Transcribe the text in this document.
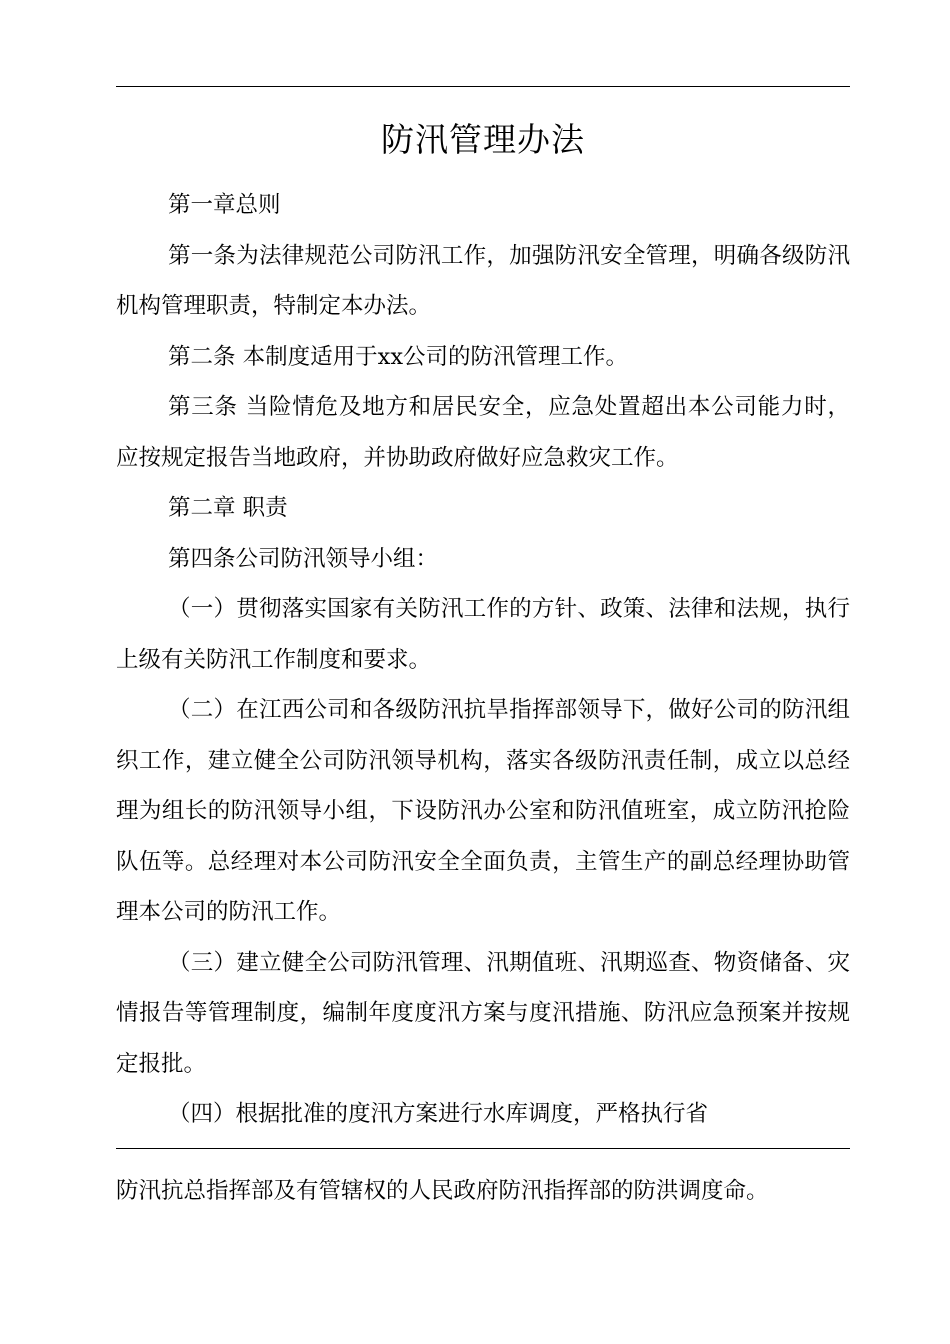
防汛管理办法

第一章总则

第一条为法律规范公司防汛工作，加强防汛安全管理，明确各级防汛机构管理职责，特制定本办法。

第二条 本制度适用于xx公司的防汛管理工作。

第三条 当险情危及地方和居民安全，应急处置超出本公司能力时，应按规定报告当地政府，并协助政府做好应急救灾工作。

第二章 职责

第四条公司防汛领导小组：

（一）贯彻落实国家有关防汛工作的方针、政策、法律和法规，执行上级有关防汛工作制度和要求。

（二）在江西公司和各级防汛抗旱指挥部领导下，做好公司的防汛组织工作，建立健全公司防汛领导机构，落实各级防汛责任制，成立以总经理为组长的防汛领导小组，下设防汛办公室和防汛值班室，成立防汛抢险队伍等。总经理对本公司防汛安全全面负责，主管生产的副总经理协助管理本公司的防汛工作。

（三）建立健全公司防汛管理、汛期值班、汛期巡查、物资储备、灾情报告等管理制度，编制年度度汛方案与度汛措施、防汛应急预案并按规定报批。

（四）根据批准的度汛方案进行水库调度，严格执行省

防汛抗总指挥部及有管辖权的人民政府防汛指挥部的防洪调度命。
